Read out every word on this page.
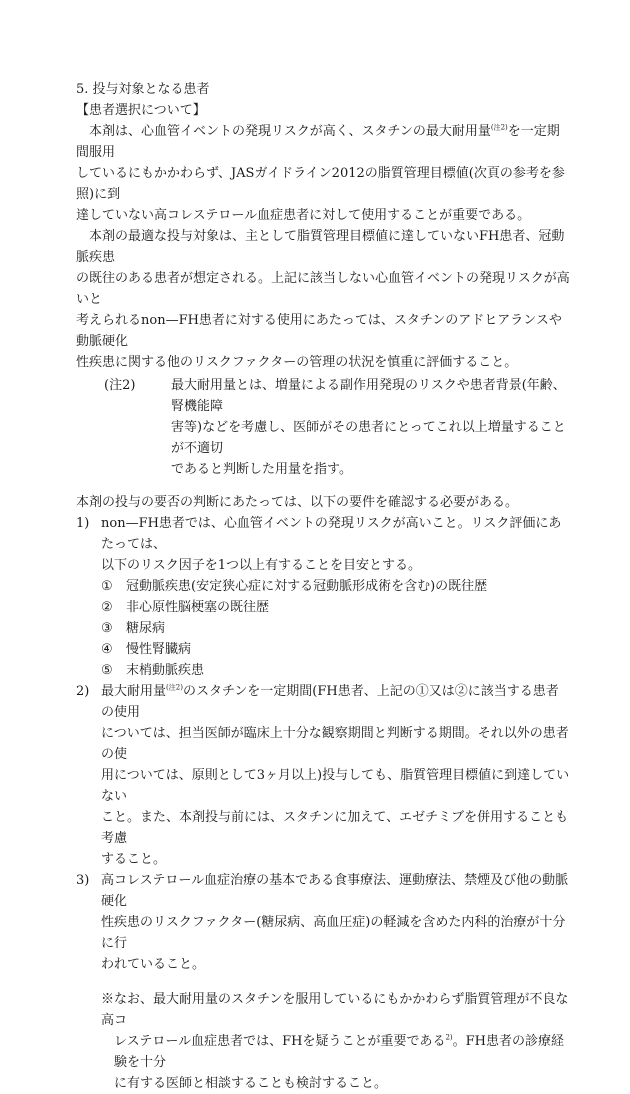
5. 投与対象となる患者
【患者選択について】
　本剤は、心血管イベントの発現リスクが高く、スタチンの最大耐用量$^{(注2)}$を一定期間服用
しているにもかかわらず、JASガイドライン2012の脂質管理目標値(次頁の参考を参照)に到
達していない高コレステロール血症患者に対して使用することが重要である。
　本剤の最適な投与対象は、主として脂質管理目標値に達していないFH患者、冠動脈疾患
の既往のある患者が想定される。上記に該当しない心血管イベントの発現リスクが高いと
考えられるnon—FH患者に対する使用にあたっては、スタチンのアドヒアランスや動脈硬化
性疾患に関する他のリスクファクターの管理の状況を慎重に評価すること。
(注2)	最大耐用量とは、増量による副作用発現のリスクや患者背景(年齢、腎機能障
害等)などを考慮し、医師がその患者にとってこれ以上増量することが不適切
であると判断した用量を指す。
本剤の投与の要否の判断にあたっては、以下の要件を確認する必要がある。
1) non—FH患者では、心血管イベントの発現リスクが高いこと。リスク評価にあたっては、
以下のリスク因子を1つ以上有することを目安とする。
①	冠動脈疾患(安定狭心症に対する冠動脈形成術を含む)の既往歴
②	非心原性脳梗塞の既往歴
③	糖尿病
④	慢性腎臓病
⑤	末梢動脈疾患
2) 最大耐用量$^{(注2)}$のスタチンを一定期間(FH患者、上記の①又は②に該当する患者の使用
については、担当医師が臨床上十分な観察期間と判断する期間。それ以外の患者の使
用については、原則として3ヶ月以上)投与しても、脂質管理目標値に到達していない
こと。また、本剤投与前には、スタチンに加えて、エゼチミブを併用することも考慮
すること。
3) 高コレステロール血症治療の基本である食事療法、運動療法、禁煙及び他の動脈硬化
性疾患のリスクファクター(糖尿病、高血圧症)の軽減を含めた内科的治療が十分に行
われていること。
※なお、最大耐用量のスタチンを服用しているにもかかわらず脂質管理が不良な高コ
レステロール血症患者では、FHを疑うことが重要である$^{2)}$。FH患者の診療経験を十分
に有する医師と相談することも検討すること。
